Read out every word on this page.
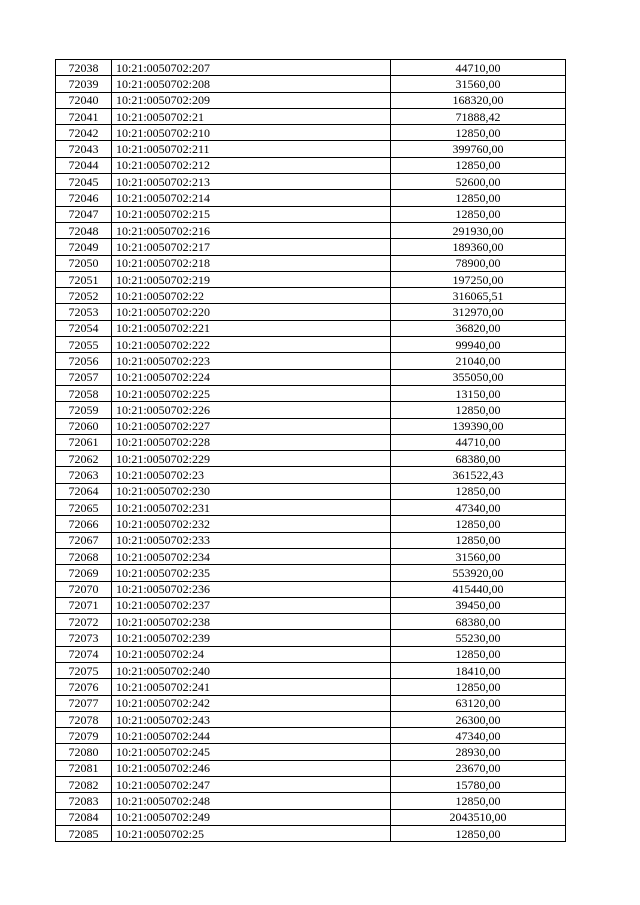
72038	10:21:0050702:207	44710,00
72039	10:21:0050702:208	31560,00
72040	10:21:0050702:209	168320,00
72041	10:21:0050702:21	71888,42
72042	10:21:0050702:210	12850,00
72043	10:21:0050702:211	399760,00
72044	10:21:0050702:212	12850,00
72045	10:21:0050702:213	52600,00
72046	10:21:0050702:214	12850,00
72047	10:21:0050702:215	12850,00
72048	10:21:0050702:216	291930,00
72049	10:21:0050702:217	189360,00
72050	10:21:0050702:218	78900,00
72051	10:21:0050702:219	197250,00
72052	10:21:0050702:22	316065,51
72053	10:21:0050702:220	312970,00
72054	10:21:0050702:221	36820,00
72055	10:21:0050702:222	99940,00
72056	10:21:0050702:223	21040,00
72057	10:21:0050702:224	355050,00
72058	10:21:0050702:225	13150,00
72059	10:21:0050702:226	12850,00
72060	10:21:0050702:227	139390,00
72061	10:21:0050702:228	44710,00
72062	10:21:0050702:229	68380,00
72063	10:21:0050702:23	361522,43
72064	10:21:0050702:230	12850,00
72065	10:21:0050702:231	47340,00
72066	10:21:0050702:232	12850,00
72067	10:21:0050702:233	12850,00
72068	10:21:0050702:234	31560,00
72069	10:21:0050702:235	553920,00
72070	10:21:0050702:236	415440,00
72071	10:21:0050702:237	39450,00
72072	10:21:0050702:238	68380,00
72073	10:21:0050702:239	55230,00
72074	10:21:0050702:24	12850,00
72075	10:21:0050702:240	18410,00
72076	10:21:0050702:241	12850,00
72077	10:21:0050702:242	63120,00
72078	10:21:0050702:243	26300,00
72079	10:21:0050702:244	47340,00
72080	10:21:0050702:245	28930,00
72081	10:21:0050702:246	23670,00
72082	10:21:0050702:247	15780,00
72083	10:21:0050702:248	12850,00
72084	10:21:0050702:249	2043510,00
72085	10:21:0050702:25	12850,00
